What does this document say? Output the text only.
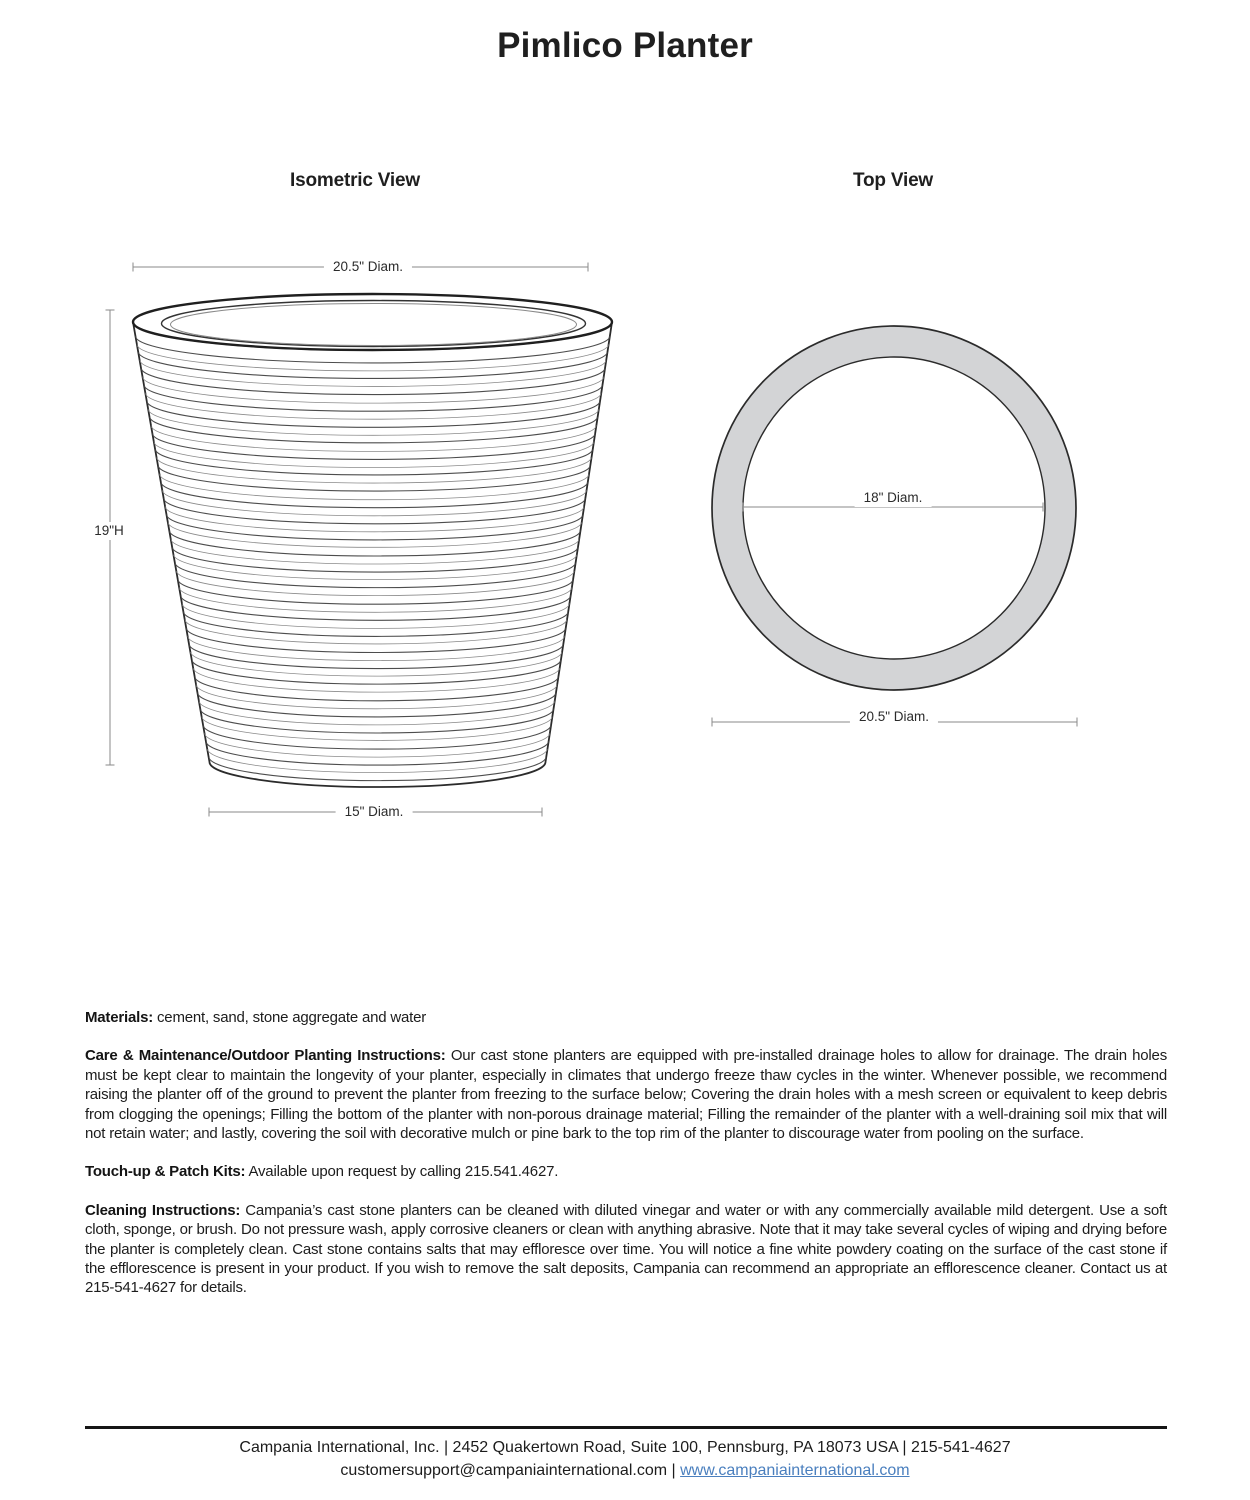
Pimlico Planter
Isometric View	Top View
20.5" Diam.
19"H
15" Diam.
18" Diam.
20.5" Diam.

Materials: cement, sand, stone aggregate and water

Care & Maintenance/Outdoor Planting Instructions: Our cast stone planters are equipped with pre-installed drainage holes to allow for drainage. The drain holes must be kept clear to maintain the longevity of your planter, especially in climates that undergo freeze thaw cycles in the winter. Whenever possible, we recommend raising the planter off of the ground to prevent the planter from freezing to the surface below; Covering the drain holes with a mesh screen or equivalent to keep debris from clogging the openings; Filling the bottom of the planter with non-porous drainage material; Filling the remainder of the planter with a well-draining soil mix that will not retain water; and lastly, covering the soil with decorative mulch or pine bark to the top rim of the planter to discourage water from pooling on the surface.

Touch-up & Patch Kits: Available upon request by calling 215.541.4627.

Cleaning Instructions: Campania’s cast stone planters can be cleaned with diluted vinegar and water or with any commercially available mild detergent. Use a soft cloth, sponge, or brush. Do not pressure wash, apply corrosive cleaners or clean with anything abrasive. Note that it may take several cycles of wiping and drying before the planter is completely clean. Cast stone contains salts that may effloresce over time. You will notice a fine white powdery coating on the surface of the cast stone if the efflorescence is present in your product. If you wish to remove the salt deposits, Campania can recommend an appropriate an efflorescence cleaner. Contact us at 215-541-4627 for details.

Campania International, Inc. | 2452 Quakertown Road, Suite 100, Pennsburg, PA 18073 USA | 215-541-4627
customersupport@campaniainternational.com | www.campaniainternational.com
